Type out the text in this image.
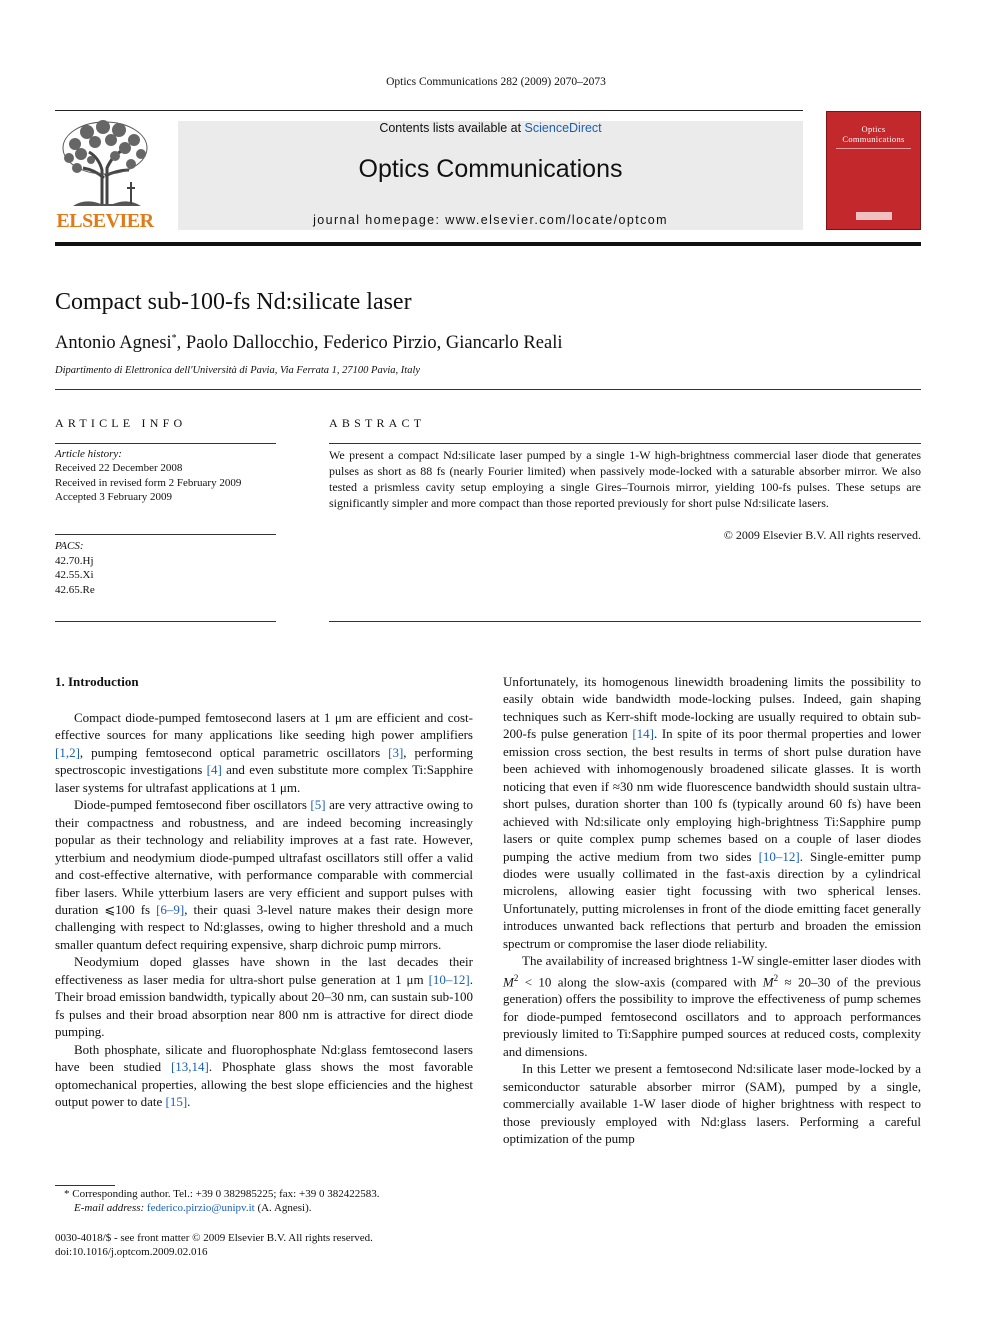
Optics Communications 282 (2009) 2070–2073
ELSEVIER
Contents lists available at ScienceDirect
Optics Communications
journal homepage: www.elsevier.com/locate/optcom
Optics
Communications
Compact sub-100-fs Nd:silicate laser
Antonio Agnesi*, Paolo Dallocchio, Federico Pirzio, Giancarlo Reali
Dipartimento di Elettronica dell'Università di Pavia, Via Ferrata 1, 27100 Pavia, Italy
ARTICLE INFO	ABSTRACT
Article history:
Received 22 December 2008
Received in revised form 2 February 2009
Accepted 3 February 2009
PACS:
42.70.Hj
42.55.Xi
42.65.Re
We present a compact Nd:silicate laser pumped by a single 1-W high-brightness commercial laser diode that generates pulses as short as 88 fs (nearly Fourier limited) when passively mode-locked with a saturable absorber mirror. We also tested a prismless cavity setup employing a single Gires–Tournois mirror, yielding 100-fs pulses. These setups are significantly simpler and more compact than those reported previously for short pulse Nd:silicate lasers.
© 2009 Elsevier B.V. All rights reserved.
1. Introduction

Compact diode-pumped femtosecond lasers at 1 μm are efficient and cost-effective sources for many applications like seeding high power amplifiers [1,2], pumping femtosecond optical parametric oscillators [3], performing spectroscopic investigations [4] and even substitute more complex Ti:Sapphire laser systems for ultrafast applications at 1 μm.

Diode-pumped femtosecond fiber oscillators [5] are very attractive owing to their compactness and robustness, and are indeed becoming increasingly popular as their technology and reliability improves at a fast rate. However, ytterbium and neodymium diode-pumped ultrafast oscillators still offer a valid and cost-effective alternative, with performance comparable with commercial fiber lasers. While ytterbium lasers are very efficient and support pulses with duration ⩽100 fs [6–9], their quasi 3-level nature makes their design more challenging with respect to Nd:glasses, owing to higher threshold and a much smaller quantum defect requiring expensive, sharp dichroic pump mirrors.

Neodymium doped glasses have shown in the last decades their effectiveness as laser media for ultra-short pulse generation at 1 μm [10–12]. Their broad emission bandwidth, typically about 20–30 nm, can sustain sub-100 fs pulses and their broad absorption near 800 nm is attractive for direct diode pumping.

Both phosphate, silicate and fluorophosphate Nd:glass femtosecond lasers have been studied [13,14]. Phosphate glass shows the most favorable optomechanical properties, allowing the best slope efficiencies and the highest output power to date [15].

Unfortunately, its homogenous linewidth broadening limits the possibility to easily obtain wide bandwidth mode-locking pulses. Indeed, gain shaping techniques such as Kerr-shift mode-locking are usually required to obtain sub-200-fs pulse generation [14]. In spite of its poor thermal properties and lower emission cross section, the best results in terms of short pulse duration have been achieved with inhomogenously broadened silicate glasses. It is worth noticing that even if ≈30 nm wide fluorescence bandwidth should sustain ultra-short pulses, duration shorter than 100 fs (typically around 60 fs) have been achieved with Nd:silicate only employing high-brightness Ti:Sapphire pump lasers or quite complex pump schemes based on a couple of laser diodes pumping the active medium from two sides [10–12]. Single-emitter pump diodes were usually collimated in the fast-axis direction by a cylindrical microlens, allowing easier tight focussing with two spherical lenses. Unfortunately, putting microlenses in front of the diode emitting facet generally introduces unwanted back reflections that perturb and broaden the emission spectrum or compromise the laser diode reliability.

The availability of increased brightness 1-W single-emitter laser diodes with $M^2 < 10$ along the slow-axis (compared with $M^2 \approx 20-30$ of the previous generation) offers the possibility to improve the effectiveness of pump schemes for diode-pumped femtosecond oscillators and to approach performances previously limited to Ti:Sapphire pumped sources at reduced costs, complexity and dimensions.

In this Letter we present a femtosecond Nd:silicate laser mode-locked by a semiconductor saturable absorber mirror (SAM), pumped by a single, commercially available 1-W laser diode of higher brightness with respect to those previously employed with Nd:glass lasers. Performing a careful optimization of the pump

* Corresponding author. Tel.: +39 0 382985225; fax: +39 0 382422583.
E-mail address: federico.pirzio@unipv.it (A. Agnesi).
0030-4018/$ - see front matter © 2009 Elsevier B.V. All rights reserved.
doi:10.1016/j.optcom.2009.02.016
